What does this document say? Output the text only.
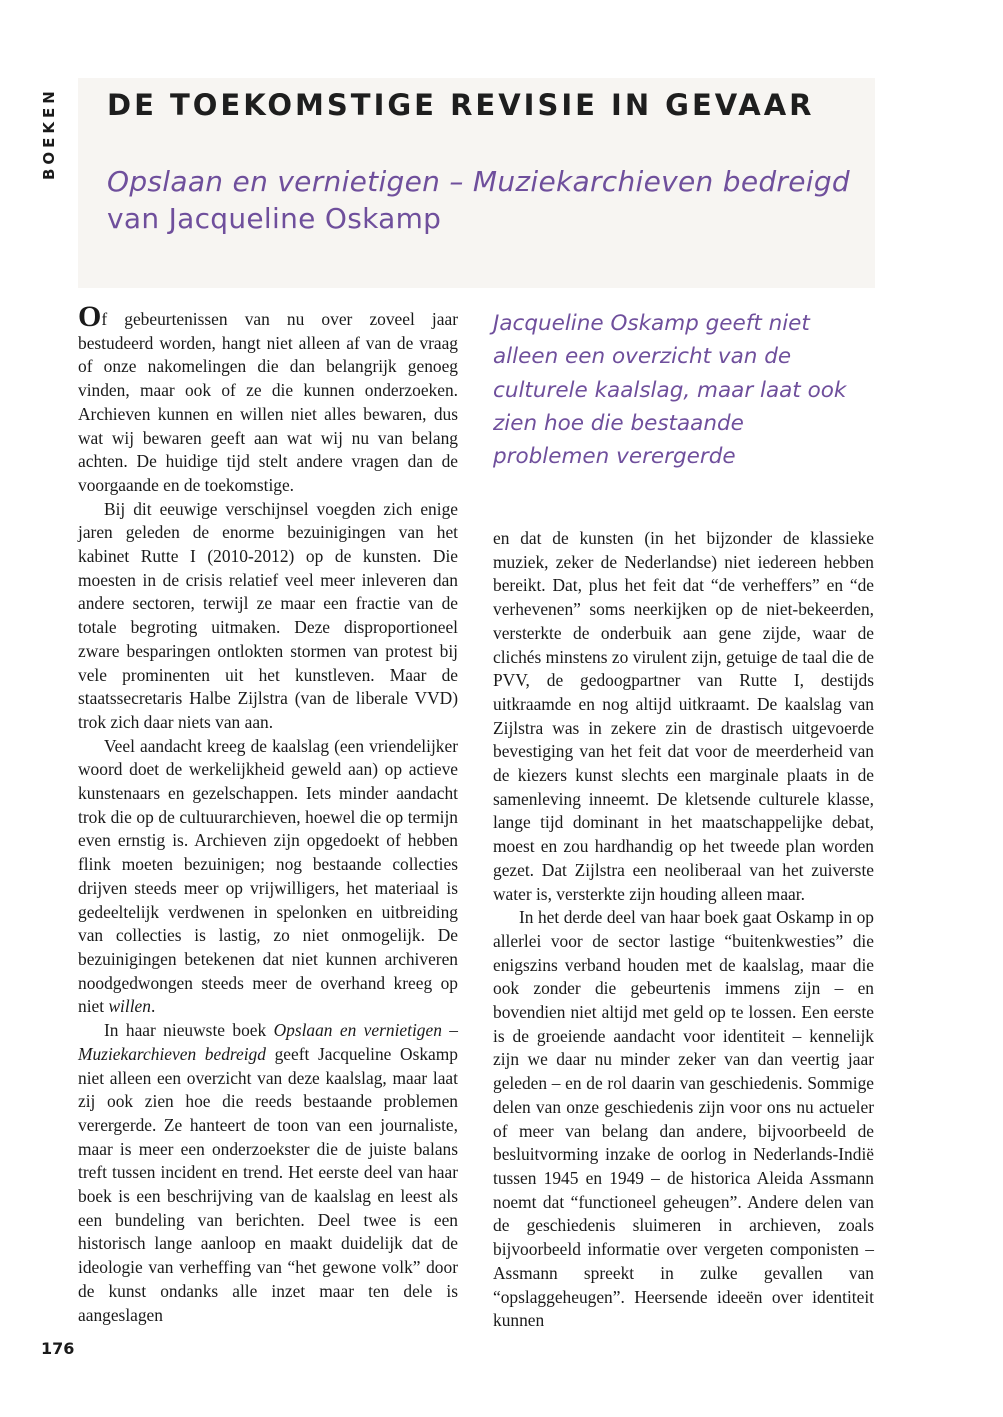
BOEKEN DE TOEKOMSTIGE REVISIE IN GEVAAR
Opslaan en vernietigen – Muziekarchieven bedreigd
van Jacqueline Oskamp

Of gebeurtenissen van nu over zoveel jaar bestudeerd worden, hangt niet alleen af van de vraag of onze nakomelingen die dan belangrijk genoeg vinden, maar ook of ze die kunnen onderzoeken. Archieven kunnen en willen niet alles bewaren, dus wat wij bewaren geeft aan wat wij nu van belang achten. De huidige tijd stelt andere vragen dan de voorgaande en de toekomstige.

Bij dit eeuwige verschijnsel voegden zich enige jaren geleden de enorme bezuinigingen van het kabinet Rutte I (2010-2012) op de kunsten. Die moesten in de crisis relatief veel meer inleveren dan andere sectoren, terwijl ze maar een fractie van de totale begroting uitmaken. Deze disproportioneel zware besparingen ontlokten stormen van protest bij vele prominenten uit het kunstleven. Maar de staatssecretaris Halbe Zijlstra (van de liberale VVD) trok zich daar niets van aan.

Veel aandacht kreeg de kaalslag (een vriendelijker woord doet de werkelijkheid geweld aan) op actieve kunstenaars en gezelschappen. Iets minder aandacht trok die op de cultuurarchieven, hoewel die op termijn even ernstig is. Archieven zijn opgedoekt of hebben flink moeten bezuinigen; nog bestaande collecties drijven steeds meer op vrijwilligers, het materiaal is gedeeltelijk verdwenen in spelonken en uitbreiding van collecties is lastig, zo niet onmogelijk. De bezuinigingen betekenen dat niet kunnen archiveren noodgedwongen steeds meer de overhand kreeg op niet willen.

In haar nieuwste boek Opslaan en vernietigen – Muziekarchieven bedreigd geeft Jacqueline Oskamp niet alleen een overzicht van deze kaalslag, maar laat zij ook zien hoe die reeds bestaande problemen verergerde. Ze hanteert de toon van een journaliste, maar is meer een onderzoekster die de juiste balans treft tussen incident en trend. Het eerste deel van haar boek is een beschrijving van de kaalslag en leest als een bundeling van berichten. Deel twee is een historisch lange aanloop en maakt duidelijk dat de ideologie van verheffing van “het gewone volk” door de kunst ondanks alle inzet maar ten dele is aangeslagen

Jacqueline Oskamp geeft niet alleen een overzicht van de culturele kaalslag, maar laat ook zien hoe die bestaande problemen verergerde

en dat de kunsten (in het bijzonder de klassieke muziek, zeker de Nederlandse) niet iedereen hebben bereikt. Dat, plus het feit dat “de verheffers” en “de verhevenen” soms neerkijken op de niet-bekeerden, versterkte de onderbuik aan gene zijde, waar de clichés minstens zo virulent zijn, getuige de taal die de PVV, de gedoogpartner van Rutte I, destijds uitkraamde en nog altijd uitkraamt. De kaalslag van Zijlstra was in zekere zin de drastisch uitgevoerde bevestiging van het feit dat voor de meerderheid van de kiezers kunst slechts een marginale plaats in de samenleving inneemt. De kletsende culturele klasse, lange tijd dominant in het maatschappelijke debat, moest en zou hardhandig op het tweede plan worden gezet. Dat Zijlstra een neoliberaal van het zuiverste water is, versterkte zijn houding alleen maar.

In het derde deel van haar boek gaat Oskamp in op allerlei voor de sector lastige “buitenkwesties” die enigszins verband houden met de kaalslag, maar die ook zonder die gebeurtenis immens zijn – en bovendien niet altijd met geld op te lossen. Een eerste is de groeiende aandacht voor identiteit – kennelijk zijn we daar nu minder zeker van dan veertig jaar geleden – en de rol daarin van geschiedenis. Sommige delen van onze geschiedenis zijn voor ons nu actueler of meer van belang dan andere, bijvoorbeeld de besluitvorming inzake de oorlog in Nederlands-Indië tussen 1945 en 1949 – de historica Aleida Assmann noemt dat “functioneel geheugen”. Andere delen van de geschiedenis sluimeren in archieven, zoals bijvoorbeeld informatie over vergeten componisten – Assmann spreekt in zulke gevallen van “opslaggeheugen”. Heersende ideeën over identiteit kunnen

176
